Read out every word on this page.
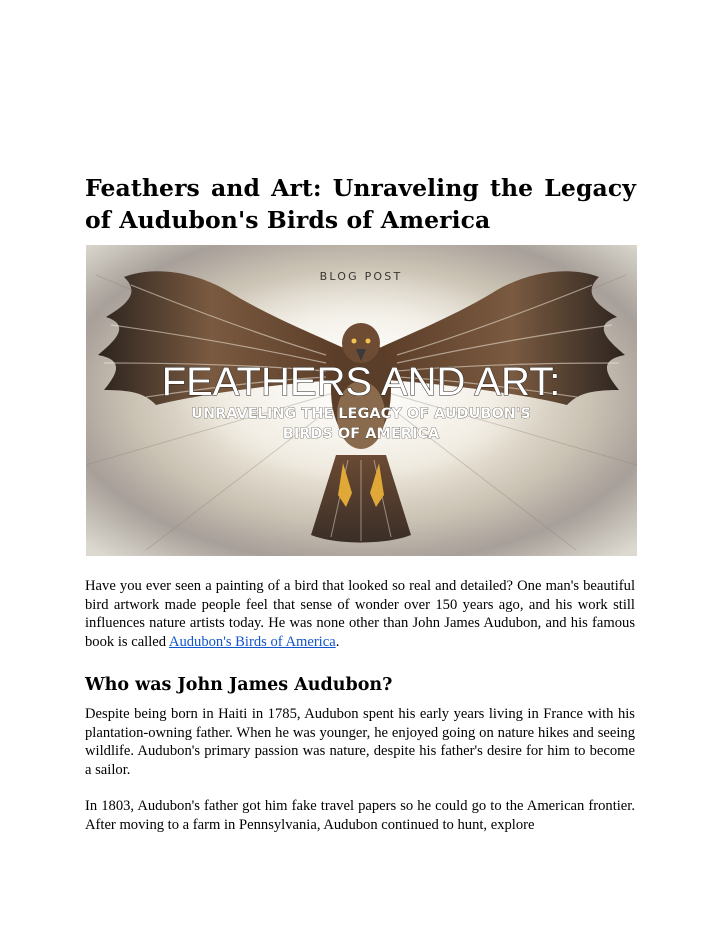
Feathers and Art: Unraveling the Legacy of Audubon's Birds of America
BLOG POST
FEATHERS AND ART:
UNRAVELING THE LEGACY OF AUDUBON'S
BIRDS OF AMERICA

Have you ever seen a painting of a bird that looked so real and detailed? One man's beautiful bird artwork made people feel that sense of wonder over 150 years ago, and his work still influences nature artists today. He was none other than John James Audubon, and his famous book is called Audubon's Birds of America.

Who was John James Audubon?

Despite being born in Haiti in 1785, Audubon spent his early years living in France with his plantation-owning father. When he was younger, he enjoyed going on nature hikes and seeing wildlife. Audubon's primary passion was nature, despite his father's desire for him to become a sailor.

In 1803, Audubon's father got him fake travel papers so he could go to the American frontier. After moving to a farm in Pennsylvania, Audubon continued to hunt, explore
